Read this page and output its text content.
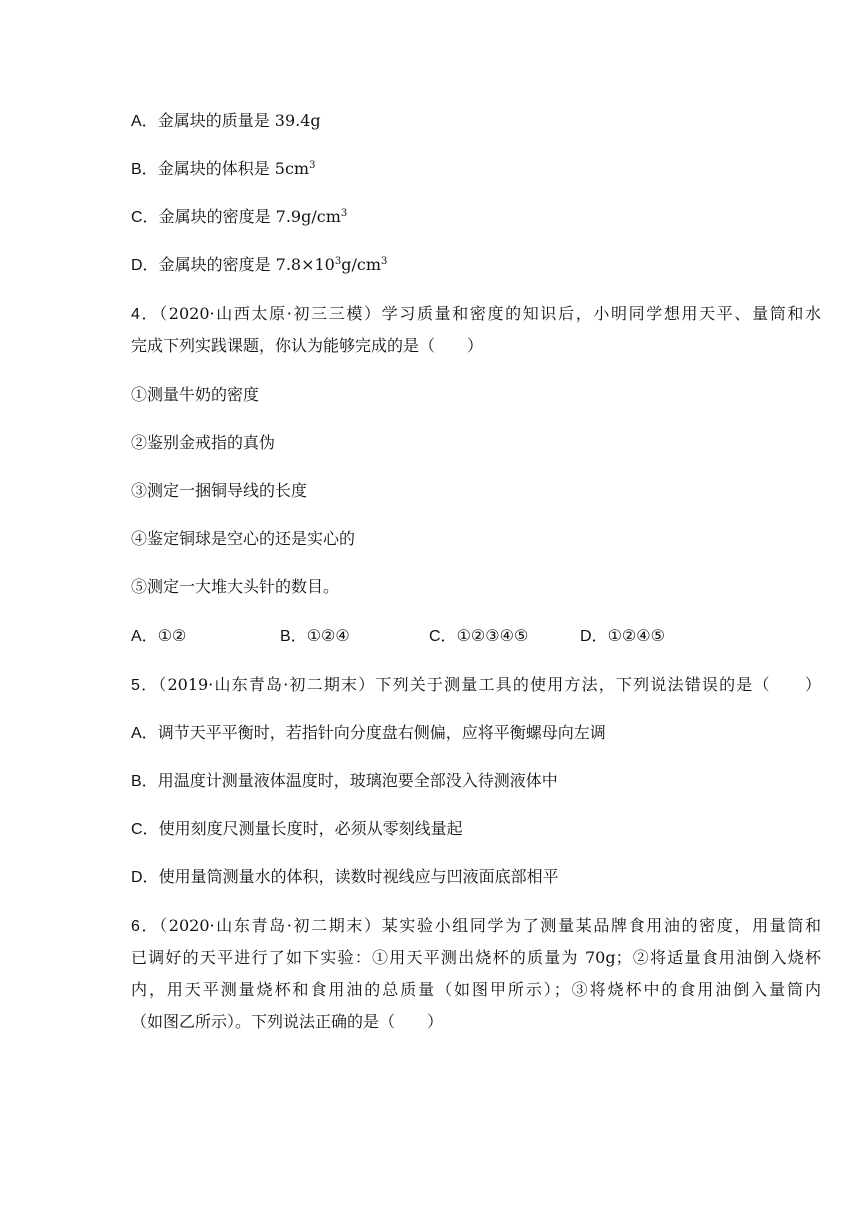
A．金属块的质量是 39.4g
B．金属块的体积是 $5cm^3$
C．金属块的密度是 $7.9g/cm^3$
D．金属块的密度是 $7.8\times 10^3g/cm^3$
4．（2020·山西太原·初三三模）学习质量和密度的知识后，小明同学想用天平、量筒和水
完成下列实践课题，你认为能够完成的是（　　）
①测量牛奶的密度
②鉴别金戒指的真伪
③测定一捆铜导线的长度
④鉴定铜球是空心的还是实心的
⑤测定一大堆大头针的数目。
A．①②	B．①②④	C．①②③④⑤	D．①②④⑤
5．（2019·山东青岛·初二期末）下列关于测量工具的使用方法，下列说法错误的是（　　）
A．调节天平平衡时，若指针向分度盘右侧偏，应将平衡螺母向左调
B．用温度计测量液体温度时，玻璃泡要全部没入待测液体中
C．使用刻度尺测量长度时，必须从零刻线量起
D．使用量筒测量水的体积，读数时视线应与凹液面底部相平
6．（2020·山东青岛·初二期末）某实验小组同学为了测量某品牌食用油的密度，用量筒和
已调好的天平进行了如下实验：①用天平测出烧杯的质量为 70g；②将适量食用油倒入烧杯
内，用天平测量烧杯和食用油的总质量（如图甲所示）；③将烧杯中的食用油倒入量筒内
（如图乙所示）。下列说法正确的是（　　）
